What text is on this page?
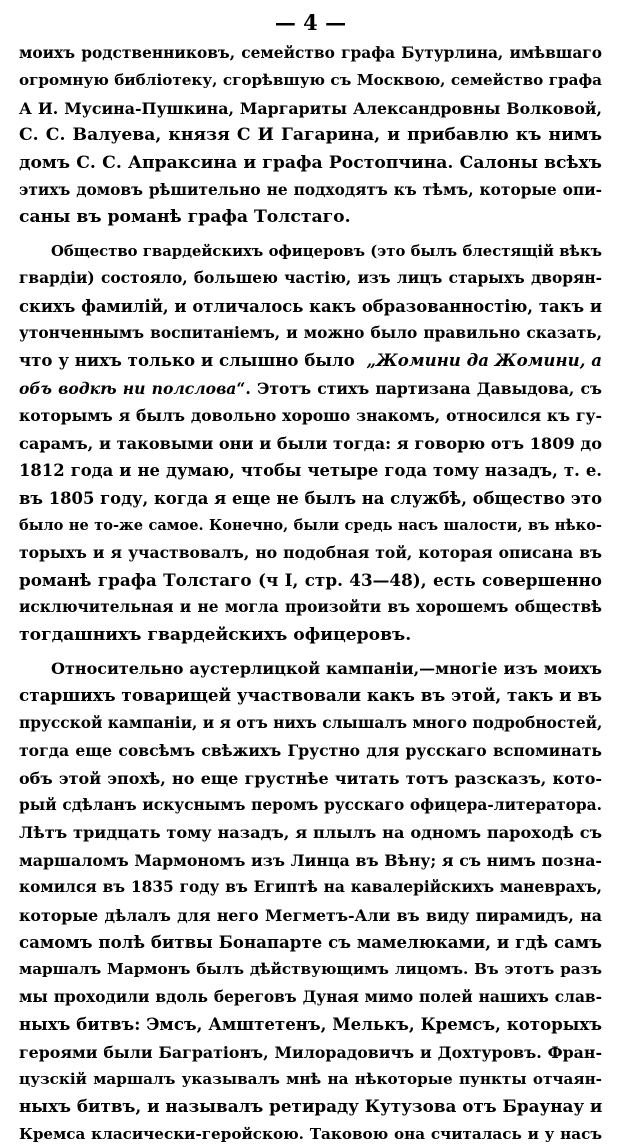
— 4 —
моихъ родственниковъ, семейство графа Бутурлина, имѣвшаго
огромную библіотеку, сгорѣвшую съ Москвою, семейство графа
А И. Мусина-Пушкина, Маргариты Александровны Волковой,
С. С. Валуева, князя С И Гагарина, и прибавлю къ нимъ
домъ С. С. Апраксина и графа Ростопчина. Салоны всѣхъ
этихъ домовъ рѣшительно не подходятъ къ тѣмъ, которые опи-
саны въ романѣ графа Толстаго.
Общество гвардейскихъ офицеровъ (это былъ блестящій вѣкъ
гвардіи) состояло, большею частію, изъ лицъ старыхъ дворян-
скихъ фамилій, и отличалось какъ образованностію, такъ и
утонченнымъ воспитаніемъ, и можно было правильно сказать,
что у нихъ только и слышно было „Жомини да Жомини, а
объ водкѣ ни полслова“. Этотъ стихъ партизана Давыдова, съ
которымъ я былъ довольно хорошо знакомъ, относился къ гу-
сарамъ, и таковыми они и были тогда: я говорю отъ 1809 до
1812 года и не думаю, чтобы четыре года тому назадъ, т. е.
въ 1805 году, когда я еще не былъ на службѣ, общество это
было не то-же самое. Конечно, были средь насъ шалости, въ нѣко-
торыхъ и я участвовалъ, но подобная той, которая описана въ
романѣ графа Толстаго (ч I, стр. 43—48), есть совершенно
исключительная и не могла произойти въ хорошемъ обществѣ
тогдашнихъ гвардейскихъ офицеровъ.
Относительно аустерлицкой кампаніи,—многіе изъ моихъ
старшихъ товарищей участвовали какъ въ этой, такъ и въ
прусской кампаніи, и я отъ нихъ слышалъ много подробностей,
тогда еще совсѣмъ свѣжихъ Грустно для русскаго вспоминать
объ этой эпохѣ, но еще грустнѣе читать тотъ разсказъ, кото-
рый сдѣланъ искуснымъ перомъ русскаго офицера-литератора.
Лѣтъ тридцать тому назадъ, я плылъ на одномъ пароходѣ съ
маршаломъ Мармономъ изъ Линца въ Вѣну; я съ нимъ позна-
комился въ 1835 году въ Египтѣ на кавалерійскихъ маневрахъ,
которые дѣлалъ для него Мегметъ-Али въ виду пирамидъ, на
самомъ полѣ битвы Бонапарте съ мамелюками, и гдѣ самъ
маршалъ Мармонъ былъ дѣйствующимъ лицомъ. Въ этотъ разъ
мы проходили вдоль береговъ Дуная мимо полей нашихъ слав-
ныхъ битвъ: Эмсъ, Амштетенъ, Мелькъ, Кремсъ, которыхъ
героями были Багратіонъ, Милорадовичъ и Дохтуровъ. Фран-
цузскій маршалъ указывалъ мнѣ на нѣкоторые пункты отчаян-
ныхъ битвъ, и называлъ ретираду Кутузова отъ Браунау и
Кремса класически-геройскою. Таковою она считалась и у насъ
